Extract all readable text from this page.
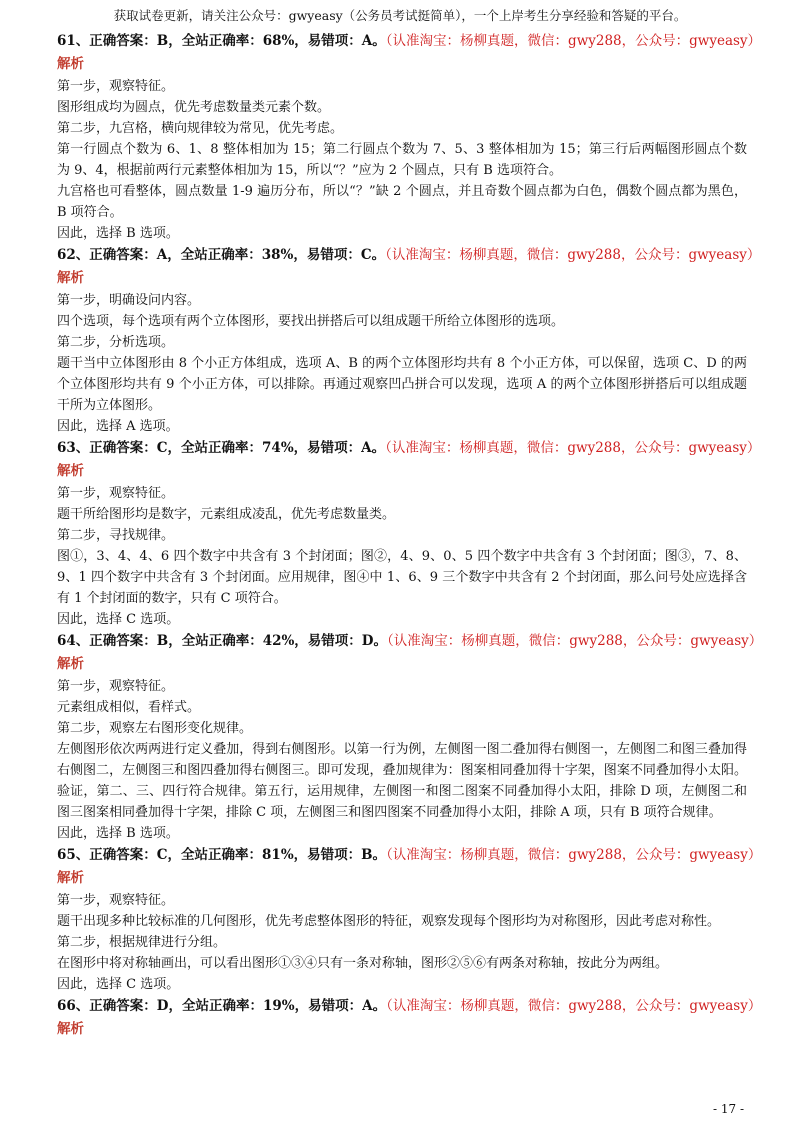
获取试卷更新，请关注公众号：gwyeasy（公务员考试挺简单），一个上岸考生分享经验和答疑的平台。
61、正确答案：B，全站正确率：68%，易错项：A。（认准淘宝：杨柳真题，微信：gwy288，公众号：gwyeasy）
解析

第一步，观察特征。

图形组成均为圆点，优先考虑数量类元素个数。

第二步，九宫格，横向规律较为常见，优先考虑。

第一行圆点个数为 6、1、8 整体相加为 15；第二行圆点个数为 7、5、3 整体相加为 15；第三行后两幅图形圆点个数为 9、4，根据前两行元素整体相加为 15，所以“？”应为 2 个圆点，只有 B 选项符合。

九宫格也可看整体，圆点数量 1-9 遍历分布，所以“？”缺 2 个圆点，并且奇数个圆点都为白色，偶数个圆点都为黑色，B 项符合。

因此，选择 B 选项。

62、正确答案：A，全站正确率：38%，易错项：C。（认准淘宝：杨柳真题，微信：gwy288，公众号：gwyeasy）
解析

第一步，明确设问内容。

四个选项，每个选项有两个立体图形，要找出拼搭后可以组成题干所给立体图形的选项。

第二步，分析选项。

题干当中立体图形由 8 个小正方体组成，选项 A、B 的两个立体图形均共有 8 个小正方体，可以保留，选项 C、D 的两个立体图形均共有 9 个小正方体，可以排除。再通过观察凹凸拼合可以发现，选项 A 的两个立体图形拼搭后可以组成题干所为立体图形。

因此，选择 A 选项。

63、正确答案：C，全站正确率：74%，易错项：A。（认准淘宝：杨柳真题，微信：gwy288，公众号：gwyeasy）
解析

第一步，观察特征。

题干所给图形均是数字，元素组成凌乱，优先考虑数量类。

第二步，寻找规律。

图①，3、4、4、6 四个数字中共含有 3 个封闭面；图②，4、9、0、5 四个数字中共含有 3 个封闭面；图③，7、8、9、1 四个数字中共含有 3 个封闭面。应用规律，图④中 1、6、9 三个数字中共含有 2 个封闭面，那么问号处应选择含有 1 个封闭面的数字，只有 C 项符合。

因此，选择 C 选项。

64、正确答案：B，全站正确率：42%，易错项：D。（认准淘宝：杨柳真题，微信：gwy288，公众号：gwyeasy）
解析

第一步，观察特征。

元素组成相似，看样式。

第二步，观察左右图形变化规律。

左侧图形依次两两进行定义叠加，得到右侧图形。以第一行为例，左侧图一图二叠加得右侧图一，左侧图二和图三叠加得右侧图二，左侧图三和图四叠加得右侧图三。即可发现，叠加规律为：图案相同叠加得十字架，图案不同叠加得小太阳。验证，第二、三、四行符合规律。第五行，运用规律，左侧图一和图二图案不同叠加得小太阳，排除 D 项，左侧图二和图三图案相同叠加得十字架，排除 C 项，左侧图三和图四图案不同叠加得小太阳，排除 A 项，只有 B 项符合规律。

因此，选择 B 选项。

65、正确答案：C，全站正确率：81%，易错项：B。（认准淘宝：杨柳真题，微信：gwy288，公众号：gwyeasy）
解析

第一步，观察特征。

题干出现多种比较标准的几何图形，优先考虑整体图形的特征，观察发现每个图形均为对称图形，因此考虑对称性。

第二步，根据规律进行分组。

在图形中将对称轴画出，可以看出图形①③④只有一条对称轴，图形②⑤⑥有两条对称轴，按此分为两组。

因此，选择 C 选项。

66、正确答案：D，全站正确率：19%，易错项：A。（认准淘宝：杨柳真题，微信：gwy288，公众号：gwyeasy）
解析
- 17 -
